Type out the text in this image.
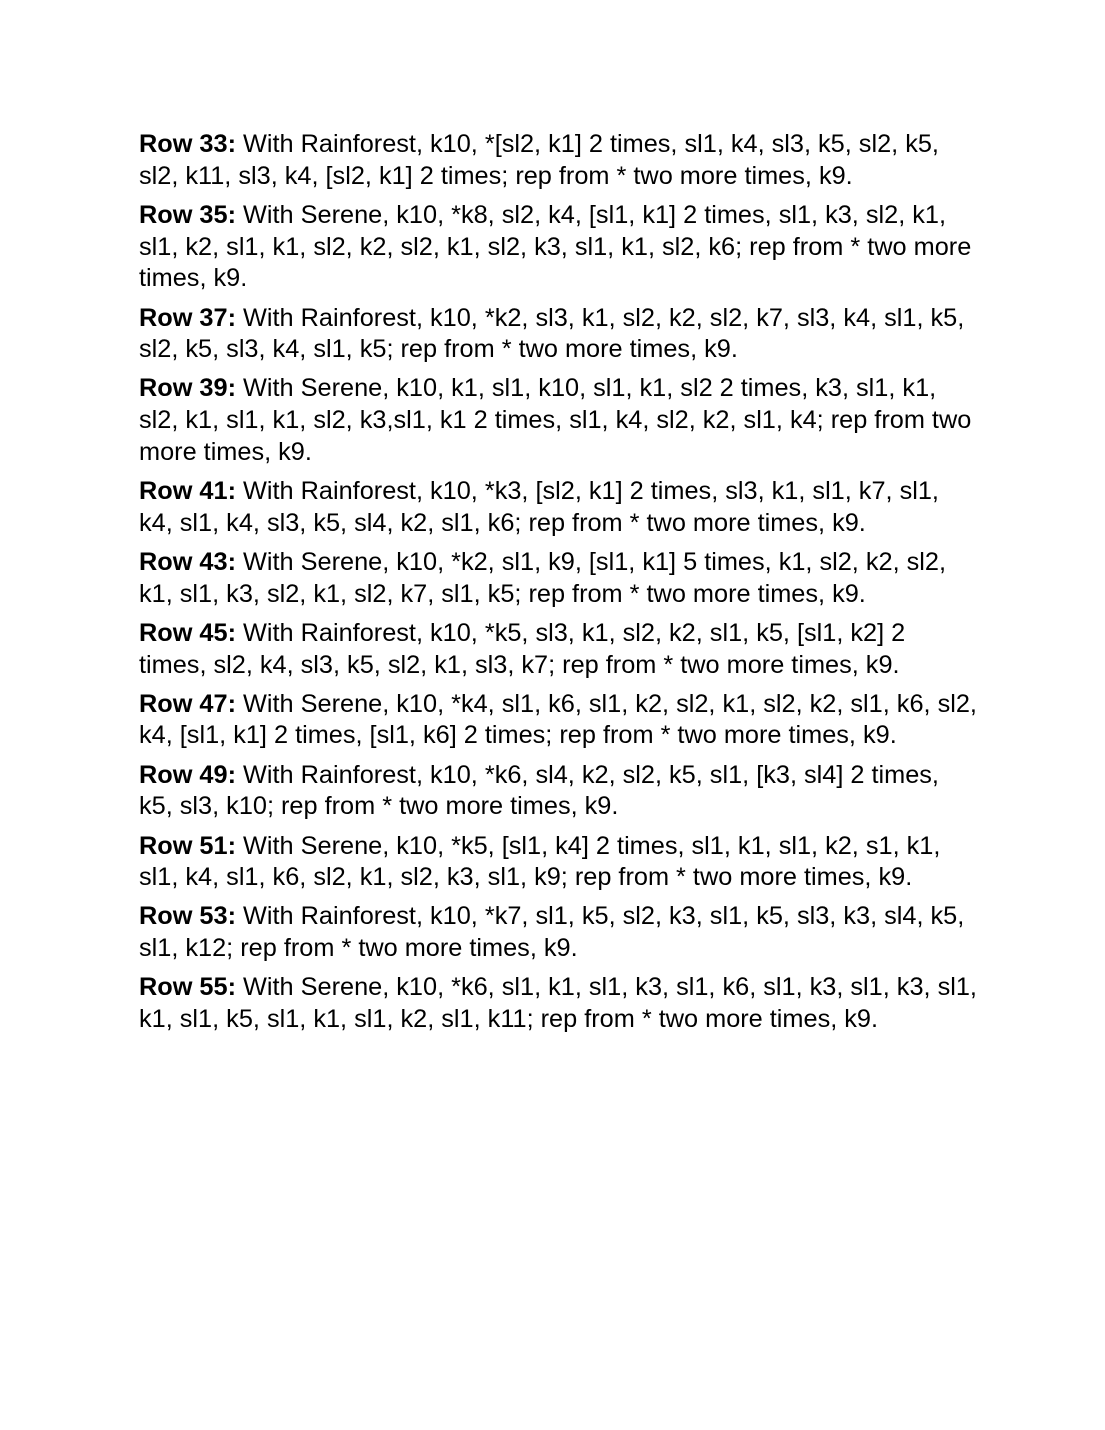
Row 33: With Rainforest, k10, *[sl2, k1] 2 times, sl1, k4, sl3, k5, sl2, k5, sl2, k11, sl3, k4, [sl2, k1] 2 times; rep from * two more times, k9.

Row 35: With Serene, k10, *k8, sl2, k4, [sl1, k1] 2 times, sl1, k3, sl2, k1, sl1, k2, sl1, k1, sl2, k2, sl2, k1, sl2, k3, sl1, k1, sl2, k6; rep from * two more times, k9.

Row 37: With Rainforest, k10, *k2, sl3, k1, sl2, k2, sl2, k7, sl3, k4, sl1, k5, sl2, k5, sl3, k4, sl1, k5; rep from * two more times, k9.

Row 39: With Serene, k10, k1, sl1, k10, sl1, k1, sl2 2 times, k3, sl1, k1, sl2, k1, sl1, k1, sl2, k3,sl1, k1 2 times, sl1, k4, sl2, k2, sl1, k4; rep from two more times, k9.

Row 41: With Rainforest, k10, *k3, [sl2, k1] 2 times, sl3, k1, sl1, k7, sl1, k4, sl1, k4, sl3, k5, sl4, k2, sl1, k6; rep from * two more times, k9.

Row 43: With Serene, k10, *k2, sl1, k9, [sl1, k1] 5 times, k1, sl2, k2, sl2, k1, sl1, k3, sl2, k1, sl2, k7, sl1, k5; rep from * two more times, k9.

Row 45: With Rainforest, k10, *k5, sl3, k1, sl2, k2, sl1, k5, [sl1, k2] 2 times, sl2, k4, sl3, k5, sl2, k1, sl3, k7; rep from * two more times, k9.

Row 47: With Serene, k10, *k4, sl1, k6, sl1, k2, sl2, k1, sl2, k2, sl1, k6, sl2, k4, [sl1, k1] 2 times, [sl1, k6] 2 times; rep from * two more times, k9.

Row 49: With Rainforest, k10, *k6, sl4, k2, sl2, k5, sl1, [k3, sl4] 2 times, k5, sl3, k10; rep from * two more times, k9.

Row 51: With Serene, k10, *k5, [sl1, k4] 2 times, sl1, k1, sl1, k2, s1, k1, sl1, k4, sl1, k6, sl2, k1, sl2, k3, sl1, k9; rep from * two more times, k9.

Row 53: With Rainforest, k10, *k7, sl1, k5, sl2, k3, sl1, k5, sl3, k3, sl4, k5, sl1, k12; rep from * two more times, k9.

Row 55: With Serene, k10, *k6, sl1, k1, sl1, k3, sl1, k6, sl1, k3, sl1, k3, sl1, k1, sl1, k5, sl1, k1, sl1, k2, sl1, k11; rep from * two more times, k9.
